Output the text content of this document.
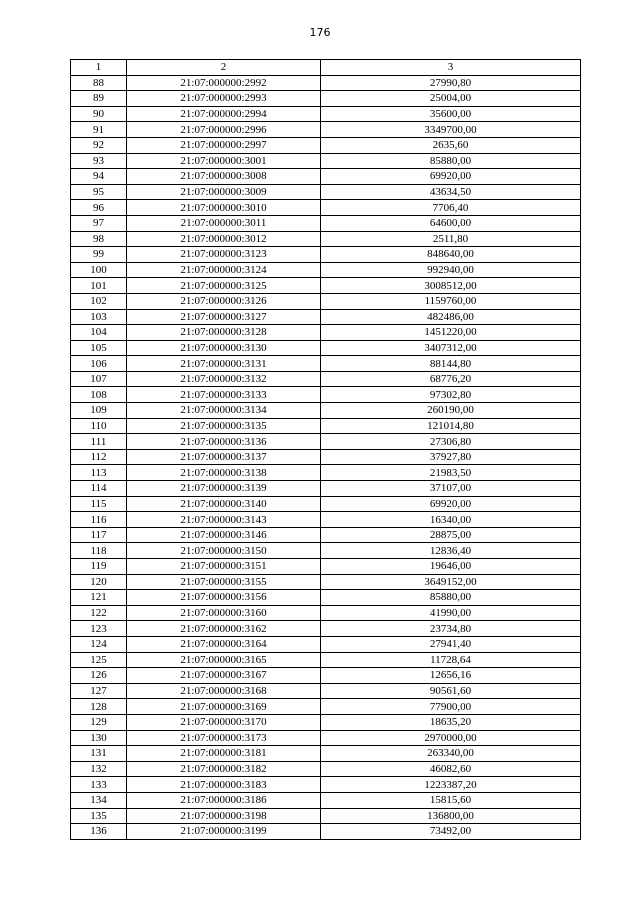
176
1	2	3
88	21:07:000000:2992	27990,80
89	21:07:000000:2993	25004,00
90	21:07:000000:2994	35600,00
91	21:07:000000:2996	3349700,00
92	21:07:000000:2997	2635,60
93	21:07:000000:3001	85880,00
94	21:07:000000:3008	69920,00
95	21:07:000000:3009	43634,50
96	21:07:000000:3010	7706,40
97	21:07:000000:3011	64600,00
98	21:07:000000:3012	2511,80
99	21:07:000000:3123	848640,00
100	21:07:000000:3124	992940,00
101	21:07:000000:3125	3008512,00
102	21:07:000000:3126	1159760,00
103	21:07:000000:3127	482486,00
104	21:07:000000:3128	1451220,00
105	21:07:000000:3130	3407312,00
106	21:07:000000:3131	88144,80
107	21:07:000000:3132	68776,20
108	21:07:000000:3133	97302,80
109	21:07:000000:3134	260190,00
110	21:07:000000:3135	121014,80
111	21:07:000000:3136	27306,80
112	21:07:000000:3137	37927,80
113	21:07:000000:3138	21983,50
114	21:07:000000:3139	37107,00
115	21:07:000000:3140	69920,00
116	21:07:000000:3143	16340,00
117	21:07:000000:3146	28875,00
118	21:07:000000:3150	12836,40
119	21:07:000000:3151	19646,00
120	21:07:000000:3155	3649152,00
121	21:07:000000:3156	85880,00
122	21:07:000000:3160	41990,00
123	21:07:000000:3162	23734,80
124	21:07:000000:3164	27941,40
125	21:07:000000:3165	11728,64
126	21:07:000000:3167	12656,16
127	21:07:000000:3168	90561,60
128	21:07:000000:3169	77900,00
129	21:07:000000:3170	18635,20
130	21:07:000000:3173	2970000,00
131	21:07:000000:3181	263340,00
132	21:07:000000:3182	46082,60
133	21:07:000000:3183	1223387,20
134	21:07:000000:3186	15815,60
135	21:07:000000:3198	136800,00
136	21:07:000000:3199	73492,00
